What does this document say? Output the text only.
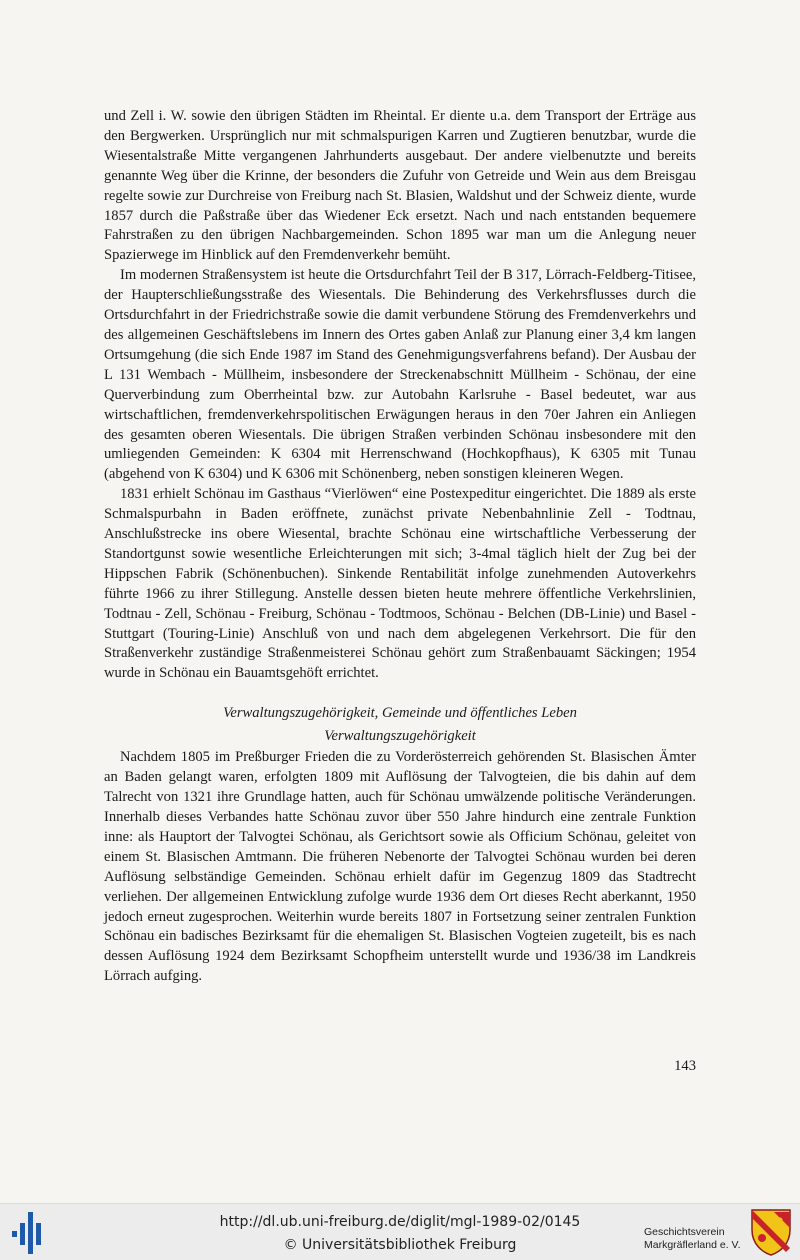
und Zell i. W. sowie den übrigen Städten im Rheintal. Er diente u.a. dem Transport der Erträge aus den Bergwerken. Ursprünglich nur mit schmalspurigen Karren und Zugtieren benutzbar, wurde die Wiesentalstraße Mitte vergangenen Jahrhunderts ausgebaut. Der andere vielbenutzte und bereits genannte Weg über die Krinne, der besonders die Zufuhr von Getreide und Wein aus dem Breisgau regelte sowie zur Durchreise von Freiburg nach St. Blasien, Waldshut und der Schweiz diente, wurde 1857 durch die Paßstraße über das Wiedener Eck ersetzt. Nach und nach entstanden bequemere Fahrstraßen zu den übrigen Nachbargemeinden. Schon 1895 war man um die Anlegung neuer Spazierwege im Hinblick auf den Fremdenverkehr bemüht.

Im modernen Straßensystem ist heute die Ortsdurchfahrt Teil der B 317, Lörrach-Feldberg-Titisee, der Haupterschließungsstraße des Wiesentals. Die Behinderung des Verkehrsflusses durch die Ortsdurchfahrt in der Friedrichstraße sowie die damit verbundene Störung des Fremdenverkehrs und des allgemeinen Geschäftslebens im Innern des Ortes gaben Anlaß zur Planung einer 3,4 km langen Ortsumgehung (die sich Ende 1987 im Stand des Genehmigungsverfahrens befand). Der Ausbau der L 131 Wembach - Müllheim, insbesondere der Streckenabschnitt Müllheim - Schönau, der eine Querverbindung zum Oberrheintal bzw. zur Autobahn Karlsruhe - Basel bedeutet, war aus wirtschaftlichen, fremdenverkehrspolitischen Erwägungen heraus in den 70er Jahren ein Anliegen des gesamten oberen Wiesentals. Die übrigen Straßen verbinden Schönau insbesondere mit den umliegenden Gemeinden: K 6304 mit Herrenschwand (Hochkopfhaus), K 6305 mit Tunau (abgehend von K 6304) und K 6306 mit Schönenberg, neben sonstigen kleineren Wegen.

1831 erhielt Schönau im Gasthaus “Vierlöwen“ eine Postexpeditur eingerichtet. Die 1889 als erste Schmalspurbahn in Baden eröffnete, zunächst private Nebenbahnlinie Zell - Todtnau, Anschlußstrecke ins obere Wiesental, brachte Schönau eine wirtschaftliche Verbesserung der Standortgunst sowie wesentliche Erleichterungen mit sich; 3-4mal täglich hielt der Zug bei der Hippschen Fabrik (Schönenbuchen). Sinkende Rentabilität infolge zunehmenden Autoverkehrs führte 1966 zu ihrer Stillegung. Anstelle dessen bieten heute mehrere öffentliche Verkehrslinien, Todtnau - Zell, Schönau - Freiburg, Schönau - Todtmoos, Schönau - Belchen (DB-Linie) und Basel - Stuttgart (Touring-Linie) Anschluß von und nach dem abgelegenen Verkehrsort. Die für den Straßenverkehr zuständige Straßenmeisterei Schönau gehört zum Straßenbauamt Säckingen; 1954 wurde in Schönau ein Bauamtsgehöft errichtet.

Verwaltungszugehörigkeit, Gemeinde und öffentliches Leben
Verwaltungszugehörigkeit

Nachdem 1805 im Preßburger Frieden die zu Vorderösterreich gehörenden St. Blasischen Ämter an Baden gelangt waren, erfolgten 1809 mit Auflösung der Talvogteien, die bis dahin auf dem Talrecht von 1321 ihre Grundlage hatten, auch für Schönau umwälzende politische Veränderungen. Innerhalb dieses Verbandes hatte Schönau zuvor über 550 Jahre hindurch eine zentrale Funktion inne: als Hauptort der Talvogtei Schönau, als Gerichtsort sowie als Officium Schönau, geleitet von einem St. Blasischen Amtmann. Die früheren Nebenorte der Talvogtei Schönau wurden bei deren Auflösung selbständige Gemeinden. Schönau erhielt dafür im Gegenzug 1809 das Stadtrecht verliehen. Der allgemeinen Entwicklung zufolge wurde 1936 dem Ort dieses Recht aberkannt, 1950 jedoch erneut zugesprochen. Weiterhin wurde bereits 1807 in Fortsetzung seiner zentralen Funktion Schönau ein badisches Bezirksamt für die ehemaligen St. Blasischen Vogteien zugeteilt, bis es nach dessen Auflösung 1924 dem Bezirksamt Schopfheim unterstellt wurde und 1936/38 im Landkreis Lörrach aufging.

143
http://dl.ub.uni-freiburg.de/diglit/mgl-1989-02/0145
© Universitätsbibliothek Freiburg
Geschichtsverein
Markgräflerland e. V.
